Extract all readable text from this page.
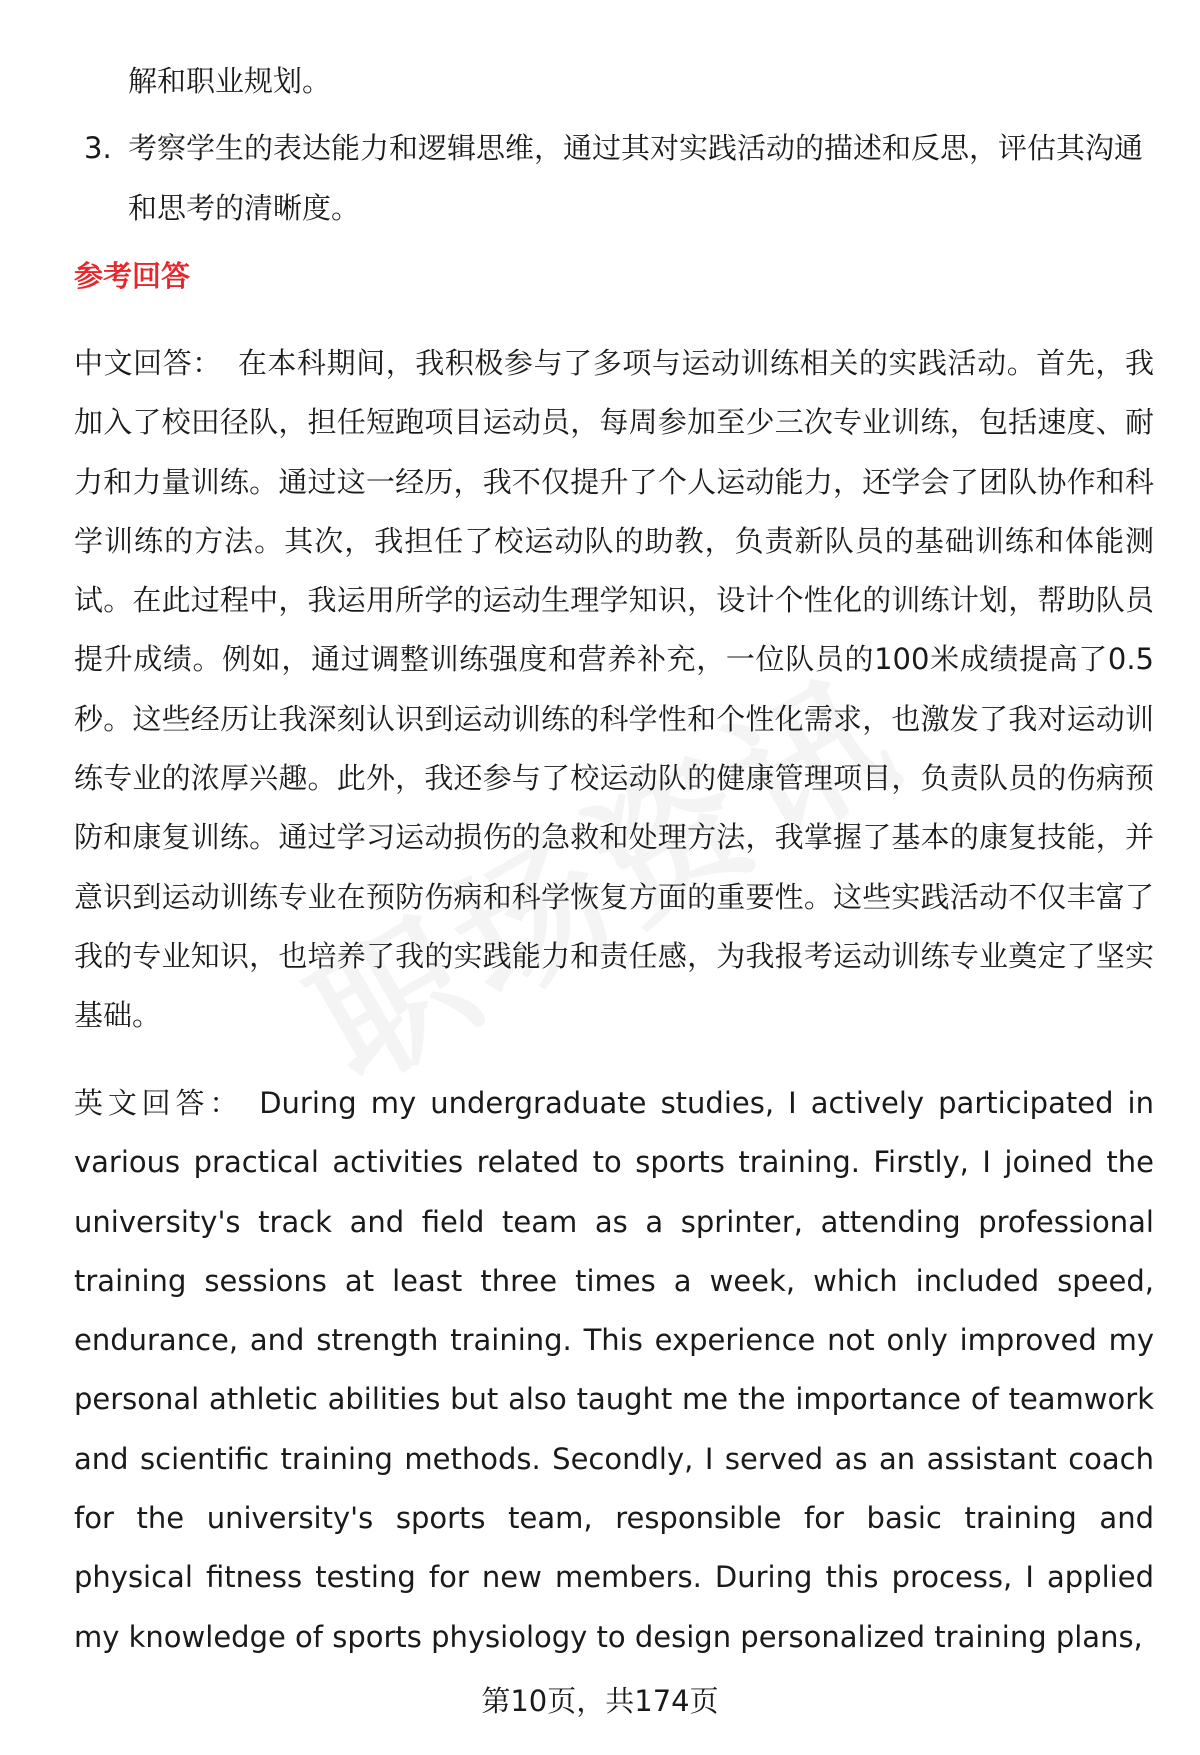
解和职业规划。
3. 考察学生的表达能力和逻辑思维，通过其对实践活动的描述和反思，评估其沟通和思考的清晰度。
参考回答
中文回答： 在本科期间，我积极参与了多项与运动训练相关的实践活动。首先，我加入了校田径队，担任短跑项目运动员，每周参加至少三次专业训练，包括速度、耐力和力量训练。通过这一经历，我不仅提升了个人运动能力，还学会了团队协作和科学训练的方法。其次，我担任了校运动队的助教，负责新队员的基础训练和体能测试。在此过程中，我运用所学的运动生理学知识，设计个性化的训练计划，帮助队员提升成绩。例如，通过调整训练强度和营养补充，一位队员的100米成绩提高了0.5秒。这些经历让我深刻认识到运动训练的科学性和个性化需求，也激发了我对运动训练专业的浓厚兴趣。此外，我还参与了校运动队的健康管理项目，负责队员的伤病预防和康复训练。通过学习运动损伤的急救和处理方法，我掌握了基本的康复技能，并意识到运动训练专业在预防伤病和科学恢复方面的重要性。这些实践活动不仅丰富了我的专业知识，也培养了我的实践能力和责任感，为我报考运动训练专业奠定了坚实基础。
英文回答： During my undergraduate studies, I actively participated in various practical activities related to sports training. Firstly, I joined the university's track and field team as a sprinter, attending professional training sessions at least three times a week, which included speed, endurance, and strength training. This experience not only improved my personal athletic abilities but also taught me the importance of teamwork and scientific training methods. Secondly, I served as an assistant coach for the university's sports team, responsible for basic training and physical fitness testing for new members. During this process, I applied my knowledge of sports physiology to design personalized training plans,
第10页，共174页
